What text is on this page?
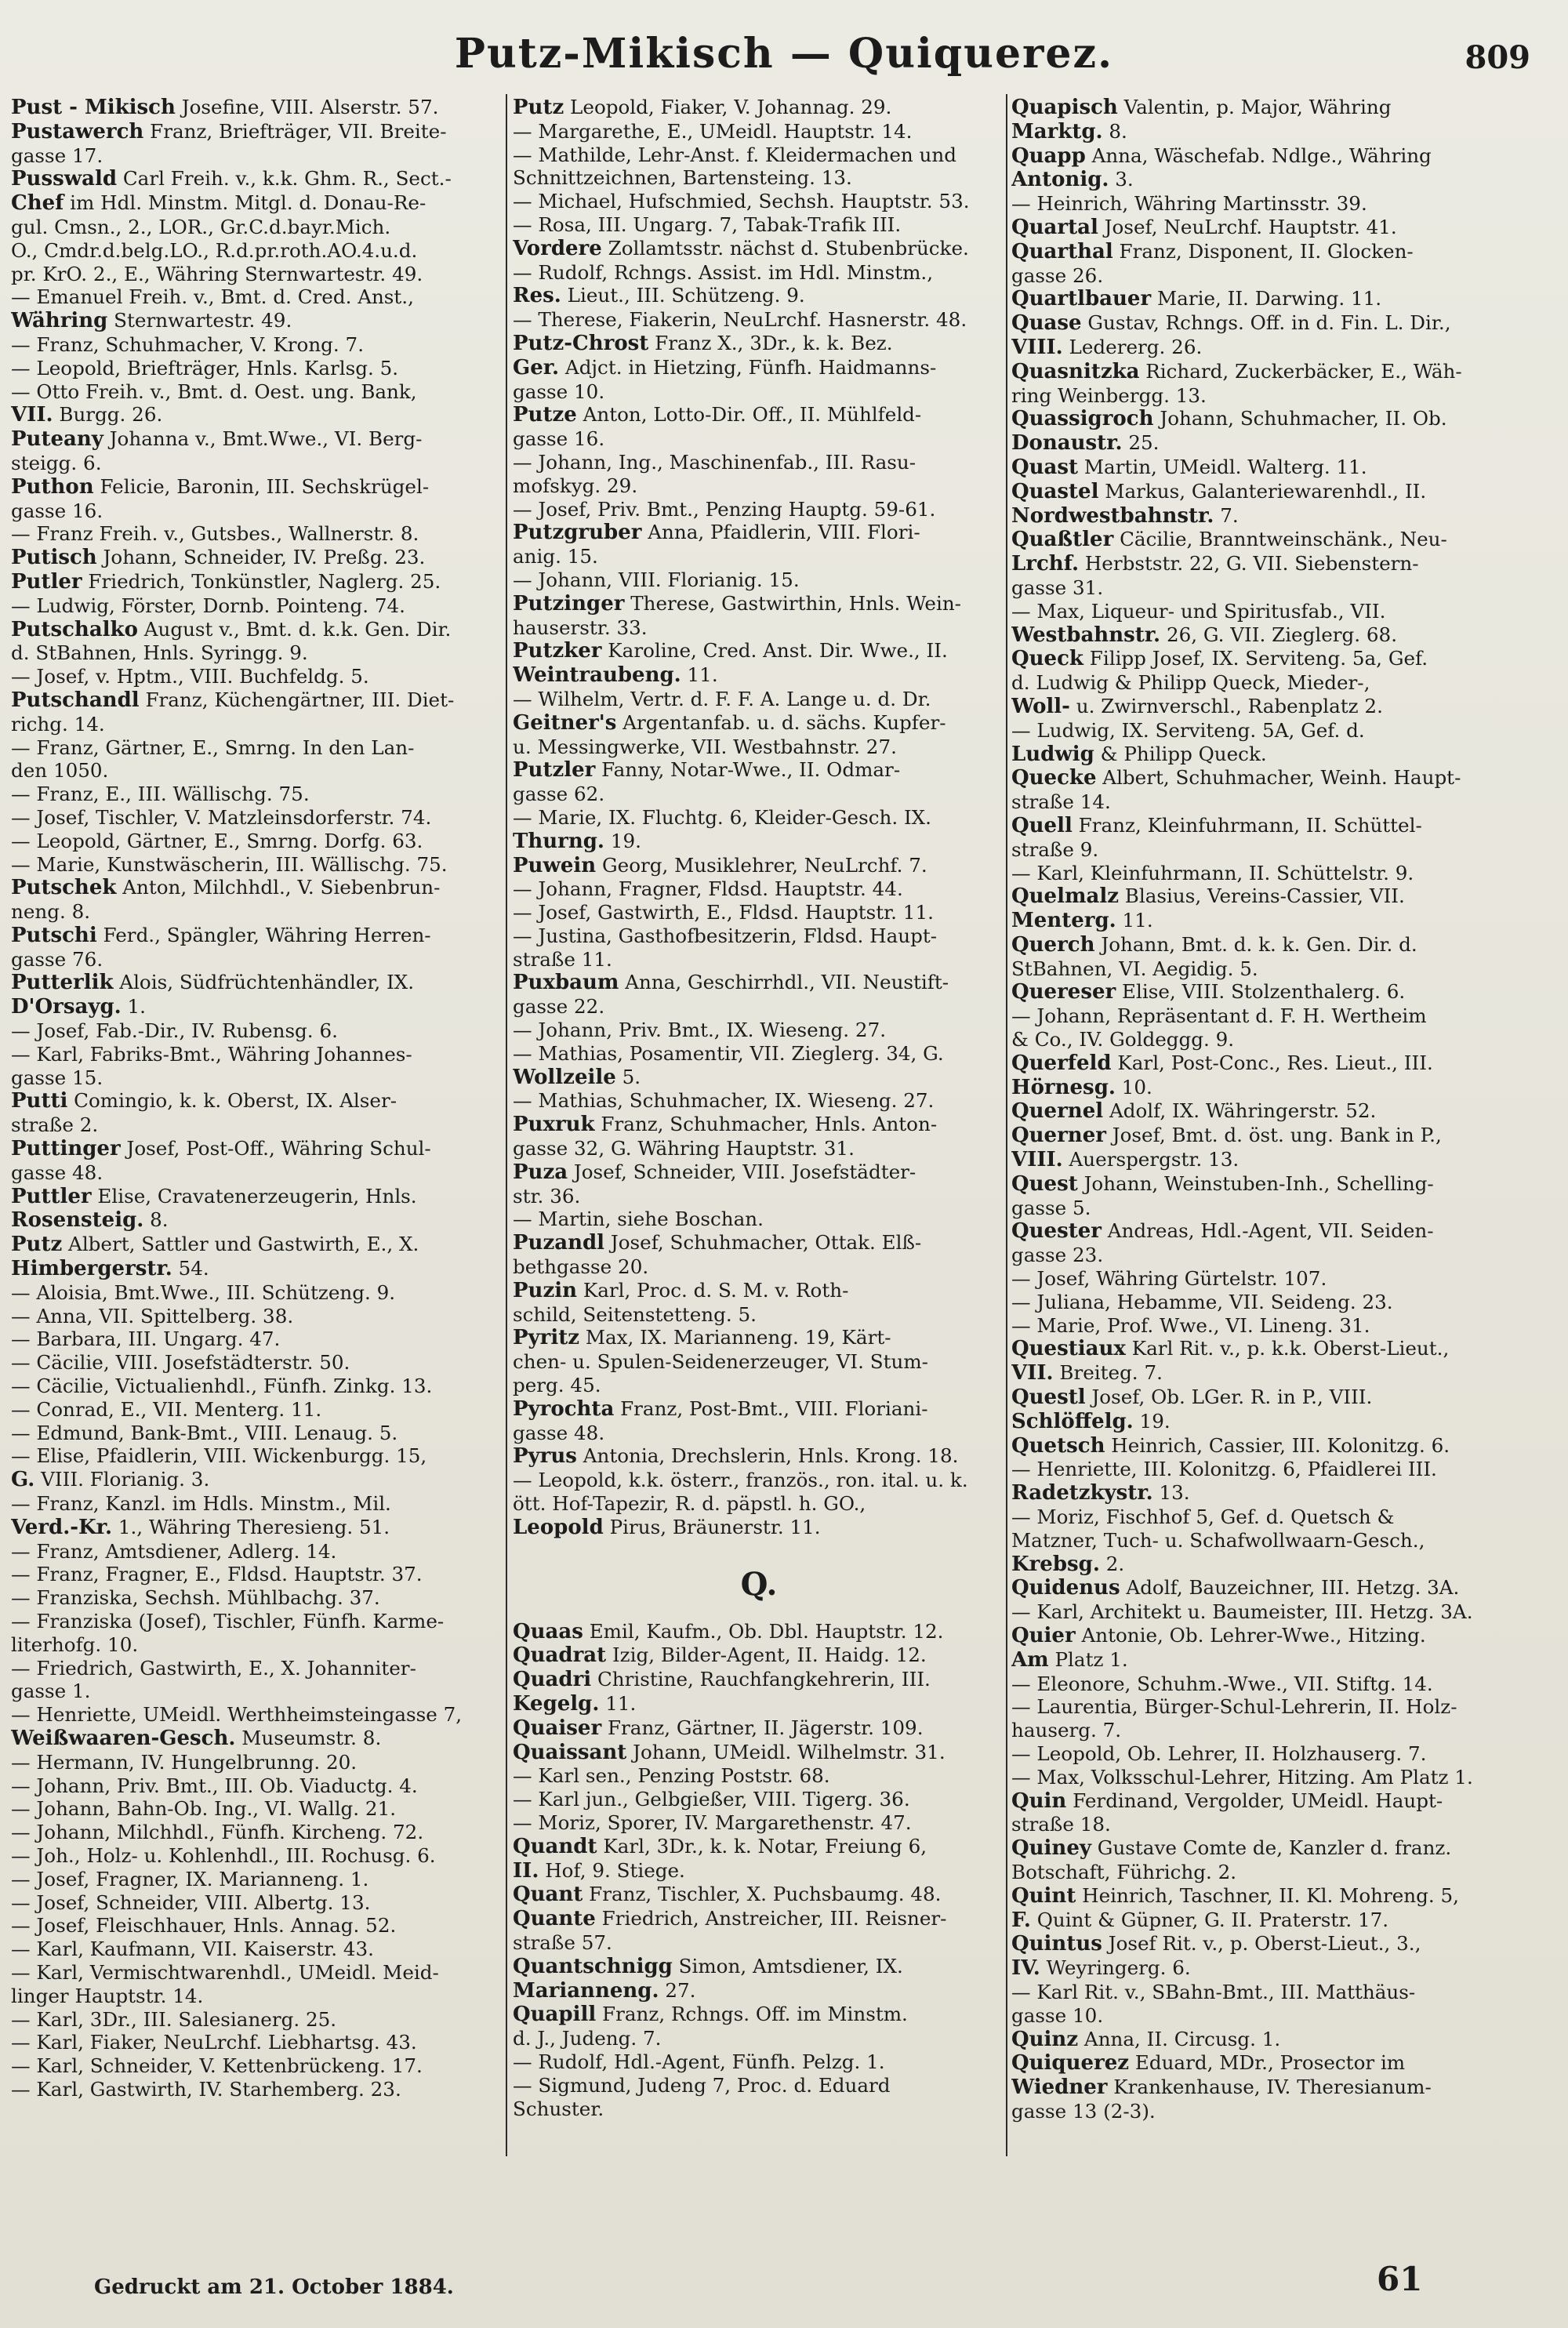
Putz-Mikisch — Quiquerez.	809
Pust - Mikisch Josefine, VIII. Alserstr. 57.
Pustawerch Franz, Briefträger, VII. Breite-
gasse 17.
Pusswald Carl Freih. v., k.k. Ghm. R., Sect.-
Chef im Hdl. Minstm. Mitgl. d. Donau-Re-
gul. Cmsn., 2., LOR., Gr.C.d.bayr.Mich.
O., Cmdr.d.belg.LO., R.d.pr.roth.AO.4.u.d.
pr. KrO. 2., E., Währing Sternwartestr. 49.
— Emanuel Freih. v., Bmt. d. Cred. Anst.,
Währing Sternwartestr. 49.
— Franz, Schuhmacher, V. Krong. 7.
— Leopold, Briefträger, Hnls. Karlsg. 5.
— Otto Freih. v., Bmt. d. Oest. ung. Bank,
VII. Burgg. 26.
Puteany Johanna v., Bmt.Wwe., VI. Berg-
steigg. 6.
Puthon Felicie, Baronin, III. Sechskrügel-
gasse 16.
— Franz Freih. v., Gutsbes., Wallnerstr. 8.
Putisch Johann, Schneider, IV. Preßg. 23.
Putler Friedrich, Tonkünstler, Naglerg. 25.
— Ludwig, Förster, Dornb. Pointeng. 74.
Putschalko August v., Bmt. d. k.k. Gen. Dir.
d. StBahnen, Hnls. Syringg. 9.
— Josef, v. Hptm., VIII. Buchfeldg. 5.
Putschandl Franz, Küchengärtner, III. Diet-
richg. 14.
— Franz, Gärtner, E., Smrng. In den Lan-
den 1050.
— Franz, E., III. Wällischg. 75.
— Josef, Tischler, V. Matzleinsdorferstr. 74.
— Leopold, Gärtner, E., Smrng. Dorfg. 63.
— Marie, Kunstwäscherin, III. Wällischg. 75.
Putschek Anton, Milchhdl., V. Siebenbrun-
neng. 8.
Putschi Ferd., Spängler, Währing Herren-
gasse 76.
Putterlik Alois, Südfrüchtenhändler, IX.
D'Orsayg. 1.
— Josef, Fab.-Dir., IV. Rubensg. 6.
— Karl, Fabriks-Bmt., Währing Johannes-
gasse 15.
Putti Comingio, k. k. Oberst, IX. Alser-
straße 2.
Puttinger Josef, Post-Off., Währing Schul-
gasse 48.
Puttler Elise, Cravatenerzeugerin, Hnls.
Rosensteig. 8.
Putz Albert, Sattler und Gastwirth, E., X.
Himbergerstr. 54.
— Aloisia, Bmt.Wwe., III. Schützeng. 9.
— Anna, VII. Spittelberg. 38.
— Barbara, III. Ungarg. 47.
— Cäcilie, VIII. Josefstädterstr. 50.
— Cäcilie, Victualienhdl., Fünfh. Zinkg. 13.
— Conrad, E., VII. Menterg. 11.
— Edmund, Bank-Bmt., VIII. Lenaug. 5.
— Elise, Pfaidlerin, VIII. Wickenburgg. 15,
G. VIII. Florianig. 3.
— Franz, Kanzl. im Hdls. Minstm., Mil.
Verd.-Kr. 1., Währing Theresieng. 51.
— Franz, Amtsdiener, Adlerg. 14.
— Franz, Fragner, E., Fldsd. Hauptstr. 37.
— Franziska, Sechsh. Mühlbachg. 37.
— Franziska (Josef), Tischler, Fünfh. Karme-
literhofg. 10.
— Friedrich, Gastwirth, E., X. Johanniter-
gasse 1.
— Henriette, UMeidl. Werthheimsteingasse 7,
Weißwaaren-Gesch. Museumstr. 8.
— Hermann, IV. Hungelbrunng. 20.
— Johann, Priv. Bmt., III. Ob. Viaductg. 4.
— Johann, Bahn-Ob. Ing., VI. Wallg. 21.
— Johann, Milchhdl., Fünfh. Kircheng. 72.
— Joh., Holz- u. Kohlenhdl., III. Rochusg. 6.
— Josef, Fragner, IX. Marianneng. 1.
— Josef, Schneider, VIII. Albertg. 13.
— Josef, Fleischhauer, Hnls. Annag. 52.
— Karl, Kaufmann, VII. Kaiserstr. 43.
— Karl, Vermischtwarenhdl., UMeidl. Meid-
linger Hauptstr. 14.
— Karl, 3Dr., III. Salesianerg. 25.
— Karl, Fiaker, NeuLrchf. Liebhartsg. 43.
— Karl, Schneider, V. Kettenbrückeng. 17.
— Karl, Gastwirth, IV. Starhemberg. 23.
Putz Leopold, Fiaker, V. Johannag. 29.
— Margarethe, E., UMeidl. Hauptstr. 14.
— Mathilde, Lehr-Anst. f. Kleidermachen und
Schnittzeichnen, Bartensteing. 13.
— Michael, Hufschmied, Sechsh. Hauptstr. 53.
— Rosa, III. Ungarg. 7, Tabak-Trafik III.
Vordere Zollamtsstr. nächst d. Stubenbrücke.
— Rudolf, Rchngs. Assist. im Hdl. Minstm.,
Res. Lieut., III. Schützeng. 9.
— Therese, Fiakerin, NeuLrchf. Hasnerstr. 48.
Putz-Chrost Franz X., 3Dr., k. k. Bez.
Ger. Adjct. in Hietzing, Fünfh. Haidmanns-
gasse 10.
Putze Anton, Lotto-Dir. Off., II. Mühlfeld-
gasse 16.
— Johann, Ing., Maschinenfab., III. Rasu-
mofskyg. 29.
— Josef, Priv. Bmt., Penzing Hauptg. 59-61.
Putzgruber Anna, Pfaidlerin, VIII. Flori-
anig. 15.
— Johann, VIII. Florianig. 15.
Putzinger Therese, Gastwirthin, Hnls. Wein-
hauserstr. 33.
Putzker Karoline, Cred. Anst. Dir. Wwe., II.
Weintraubeng. 11.
— Wilhelm, Vertr. d. F. F. A. Lange u. d. Dr.
Geitner's Argentanfab. u. d. sächs. Kupfer-
u. Messingwerke, VII. Westbahnstr. 27.
Putzler Fanny, Notar-Wwe., II. Odmar-
gasse 62.
— Marie, IX. Fluchtg. 6, Kleider-Gesch. IX.
Thurng. 19.
Puwein Georg, Musiklehrer, NeuLrchf. 7.
— Johann, Fragner, Fldsd. Hauptstr. 44.
— Josef, Gastwirth, E., Fldsd. Hauptstr. 11.
— Justina, Gasthofbesitzerin, Fldsd. Haupt-
straße 11.
Puxbaum Anna, Geschirrhdl., VII. Neustift-
gasse 22.
— Johann, Priv. Bmt., IX. Wieseng. 27.
— Mathias, Posamentir, VII. Zieglerg. 34, G.
Wollzeile 5.
— Mathias, Schuhmacher, IX. Wieseng. 27.
Puxruk Franz, Schuhmacher, Hnls. Anton-
gasse 32, G. Währing Hauptstr. 31.
Puza Josef, Schneider, VIII. Josefstädter-
str. 36.
— Martin, siehe Boschan.
Puzandl Josef, Schuhmacher, Ottak. Elß-
bethgasse 20.
Puzin Karl, Proc. d. S. M. v. Roth-
schild, Seitenstetteng. 5.
Pyritz Max, IX. Marianneng. 19, Kärt-
chen- u. Spulen-Seidenerzeuger, VI. Stum-
perg. 45.
Pyrochta Franz, Post-Bmt., VIII. Floriani-
gasse 48.
Pyrus Antonia, Drechslerin, Hnls. Krong. 18.
— Leopold, k.k. österr., französ., ron. ital. u. k.
ött. Hof-Tapezir, R. d. päpstl. h. GO.,
Leopold Pirus, Bräunerstr. 11.
Q.
Quaas Emil, Kaufm., Ob. Dbl. Hauptstr. 12.
Quadrat Izig, Bilder-Agent, II. Haidg. 12.
Quadri Christine, Rauchfangkehrerin, III.
Kegelg. 11.
Quaiser Franz, Gärtner, II. Jägerstr. 109.
Quaissant Johann, UMeidl. Wilhelmstr. 31.
— Karl sen., Penzing Poststr. 68.
— Karl jun., Gelbgießer, VIII. Tigerg. 36.
— Moriz, Sporer, IV. Margarethenstr. 47.
Quandt Karl, 3Dr., k. k. Notar, Freiung 6,
II. Hof, 9. Stiege.
Quant Franz, Tischler, X. Puchsbaumg. 48.
Quante Friedrich, Anstreicher, III. Reisner-
straße 57.
Quantschnigg Simon, Amtsdiener, IX.
Marianneng. 27.
Quapill Franz, Rchngs. Off. im Minstm.
d. J., Judeng. 7.
— Rudolf, Hdl.-Agent, Fünfh. Pelzg. 1.
— Sigmund, Judeng 7, Proc. d. Eduard
Schuster.
Quapisch Valentin, p. Major, Währing
Marktg. 8.
Quapp Anna, Wäschefab. Ndlge., Währing
Antonig. 3.
— Heinrich, Währing Martinsstr. 39.
Quartal Josef, NeuLrchf. Hauptstr. 41.
Quarthal Franz, Disponent, II. Glocken-
gasse 26.
Quartlbauer Marie, II. Darwing. 11.
Quase Gustav, Rchngs. Off. in d. Fin. L. Dir.,
VIII. Ledererg. 26.
Quasnitzka Richard, Zuckerbäcker, E., Wäh-
ring Weinbergg. 13.
Quassigroch Johann, Schuhmacher, II. Ob.
Donaustr. 25.
Quast Martin, UMeidl. Walterg. 11.
Quastel Markus, Galanteriewarenhdl., II.
Nordwestbahnstr. 7.
Quaßtler Cäcilie, Branntweinschänk., Neu-
Lrchf. Herbststr. 22, G. VII. Siebenstern-
gasse 31.
— Max, Liqueur- und Spiritusfab., VII.
Westbahnstr. 26, G. VII. Zieglerg. 68.
Queck Filipp Josef, IX. Serviteng. 5a, Gef.
d. Ludwig & Philipp Queck, Mieder-,
Woll- u. Zwirnverschl., Rabenplatz 2.
— Ludwig, IX. Serviteng. 5A, Gef. d.
Ludwig & Philipp Queck.
Quecke Albert, Schuhmacher, Weinh. Haupt-
straße 14.
Quell Franz, Kleinfuhrmann, II. Schüttel-
straße 9.
— Karl, Kleinfuhrmann, II. Schüttelstr. 9.
Quelmalz Blasius, Vereins-Cassier, VII.
Menterg. 11.
Querch Johann, Bmt. d. k. k. Gen. Dir. d.
StBahnen, VI. Aegidig. 5.
Quereser Elise, VIII. Stolzenthalerg. 6.
— Johann, Repräsentant d. F. H. Wertheim
& Co., IV. Goldeggg. 9.
Querfeld Karl, Post-Conc., Res. Lieut., III.
Hörnesg. 10.
Quernel Adolf, IX. Währingerstr. 52.
Querner Josef, Bmt. d. öst. ung. Bank in P.,
VIII. Auerspergstr. 13.
Quest Johann, Weinstuben-Inh., Schelling-
gasse 5.
Quester Andreas, Hdl.-Agent, VII. Seiden-
gasse 23.
— Josef, Währing Gürtelstr. 107.
— Juliana, Hebamme, VII. Seideng. 23.
— Marie, Prof. Wwe., VI. Lineng. 31.
Questiaux Karl Rit. v., p. k.k. Oberst-Lieut.,
VII. Breiteg. 7.
Questl Josef, Ob. LGer. R. in P., VIII.
Schlöffelg. 19.
Quetsch Heinrich, Cassier, III. Kolonitzg. 6.
— Henriette, III. Kolonitzg. 6, Pfaidlerei III.
Radetzkystr. 13.
— Moriz, Fischhof 5, Gef. d. Quetsch &
Matzner, Tuch- u. Schafwollwaarn-Gesch.,
Krebsg. 2.
Quidenus Adolf, Bauzeichner, III. Hetzg. 3A.
— Karl, Architekt u. Baumeister, III. Hetzg. 3A.
Quier Antonie, Ob. Lehrer-Wwe., Hitzing.
Am Platz 1.
— Eleonore, Schuhm.-Wwe., VII. Stiftg. 14.
— Laurentia, Bürger-Schul-Lehrerin, II. Holz-
hauserg. 7.
— Leopold, Ob. Lehrer, II. Holzhauserg. 7.
— Max, Volksschul-Lehrer, Hitzing. Am Platz 1.
Quin Ferdinand, Vergolder, UMeidl. Haupt-
straße 18.
Quiney Gustave Comte de, Kanzler d. franz.
Botschaft, Führichg. 2.
Quint Heinrich, Taschner, II. Kl. Mohreng. 5,
F. Quint & Güpner, G. II. Praterstr. 17.
Quintus Josef Rit. v., p. Oberst-Lieut., 3.,
IV. Weyringerg. 6.
— Karl Rit. v., SBahn-Bmt., III. Matthäus-
gasse 10.
Quinz Anna, II. Circusg. 1.
Quiquerez Eduard, MDr., Prosector im
Wiedner Krankenhause, IV. Theresianum-
gasse 13 (2-3).
Gedruckt am 21. October 1884.	61
